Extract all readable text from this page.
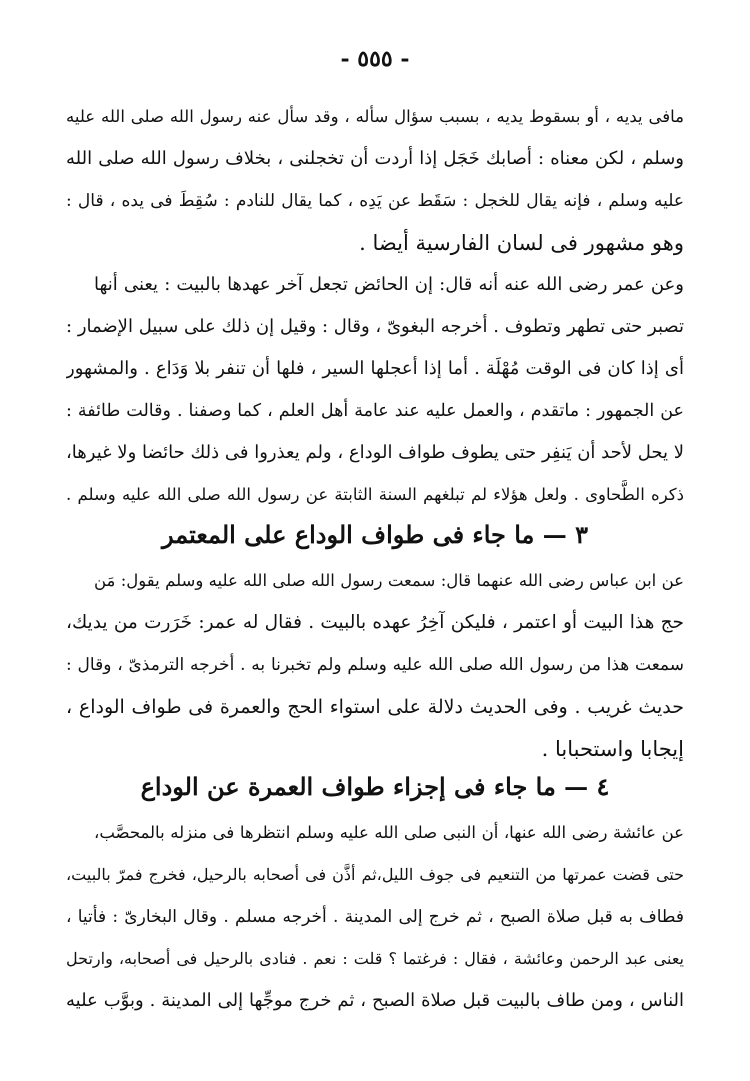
- ٥٥٥ -
مافى يديه ، أو بسقوط يديه ، بسبب سؤال سأله ، وقد سأل عنه رسول الله صلى الله عليه
وسلم ، لكن معناه : أصابك خَجَل إذا أردت أن تخجلنى ، بخلاف رسول الله صلى الله
عليه وسلم ، فإنه يقال للخجل : سَقَط عن يَدِه ، كما يقال للنادم : سُقِطَ فى يده ، قال :
وهو مشهور فى لسان الفارسية أيضا .
وعن عمر رضى الله عنه أنه قال: إن الحائض تجعل آخر عهدها بالبيت : يعنى أنها
تصبر حتى تطهر وتطوف . أخرجه البغوىّ ، وقال : وقيل إن ذلك على سبيل الإضمار :
أى إذا كان فى الوقت مُهْلَة . أما إذا أعجلها السير ، فلها أن تنفر بلا وَدَاع . والمشهور
عن الجمهور : ماتقدم ، والعمل عليه عند عامة أهل العلم ، كما وصفنا . وقالت طائفة :
لا يحل لأحد أن يَنفِر حتى يطوف طواف الوداع ، ولم يعذروا فى ذلك حائضا ولا غيرها،
ذكره الطَّحاوى . ولعل هؤلاء لم تبلغهم السنة الثابتة عن رسول الله صلى الله عليه وسلم .
٣ — ما جاء فى طواف الوداع على المعتمر
عن ابن عباس رضى الله عنهما قال: سمعت رسول الله صلى الله عليه وسلم يقول: مَن
حج هذا البيت أو اعتمر ، فليكن آخِرُ عهده بالبيت . فقال له عمر: خَرَرت من يديك،
سمعت هذا من رسول الله صلى الله عليه وسلم ولم تخبرنا به . أخرجه الترمذىّ ، وقال :
حديث غريب . وفى الحديث دلالة على استواء الحج والعمرة فى طواف الوداع ،
إيجابا واستحبابا .
٤ — ما جاء فى إجزاء طواف العمرة عن الوداع
عن عائشة رضى الله عنها، أن النبى صلى الله عليه وسلم انتظرها فى منزله بالمحصَّب،
حتى قضت عمرتها من التنعيم فى جوف الليل،ثم أذَّن فى أصحابه بالرحيل، فخرج فمرّ بالبيت،
فطاف به قبل صلاة الصبح ، ثم خرج إلى المدينة . أخرجه مسلم . وقال البخارىّ : فأتيا ،
يعنى عبد الرحمن وعائشة ، فقال : فرغتما ؟ قلت : نعم . فنادى بالرحيل فى أصحابه، وارتحل
الناس ، ومن طاف بالبيت قبل صلاة الصبح ، ثم خرج موجِّها إلى المدينة . وبوَّب عليه
